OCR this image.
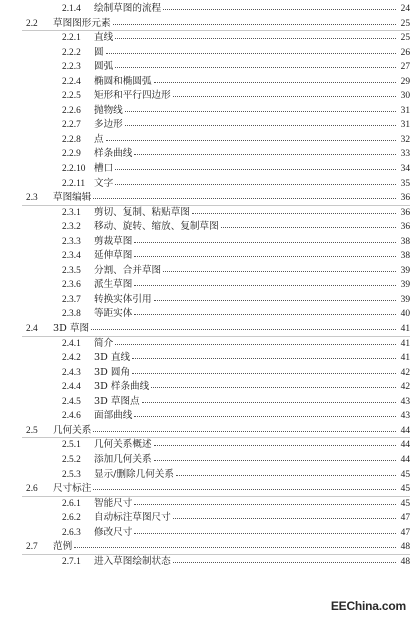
2.1.4	绘制草图的流程	24
2.2	草图图形元素	25
2.2.1	直线	25
2.2.2	圆	26
2.2.3	圆弧	27
2.2.4	椭圆和椭圆弧	29
2.2.5	矩形和平行四边形	30
2.2.6	抛物线	31
2.2.7	多边形	31
2.2.8	点	32
2.2.9	样条曲线	33
2.2.10 槽口	34
2.2.11 文字	35
2.3	草图编辑	36
2.3.1	剪切、复制、粘贴草图	36
2.3.2	移动、旋转、缩放、复制草图	36
2.3.3	剪裁草图	38
2.3.4	延伸草图	38
2.3.5	分割、合并草图	39
2.3.6	派生草图	39
2.3.7	转换实体引用	39
2.3.8	等距实体	40
2.4	3D 草图	41
2.4.1	简介	41
2.4.2	3D 直线	41
2.4.3	3D 圆角	42
2.4.4	3D 样条曲线	42
2.4.5	3D 草图点	43
2.4.6	面部曲线	43
2.5	几何关系	44
2.5.1	几何关系概述	44
2.5.2	添加几何关系	44
2.5.3	显示/删除几何关系	45
2.6	尺寸标注	45
2.6.1	智能尺寸	45
2.6.2	自动标注草图尺寸	47
2.6.3	修改尺寸	47
2.7	范例	48
2.7.1	进入草图绘制状态	48
EEChina.com
